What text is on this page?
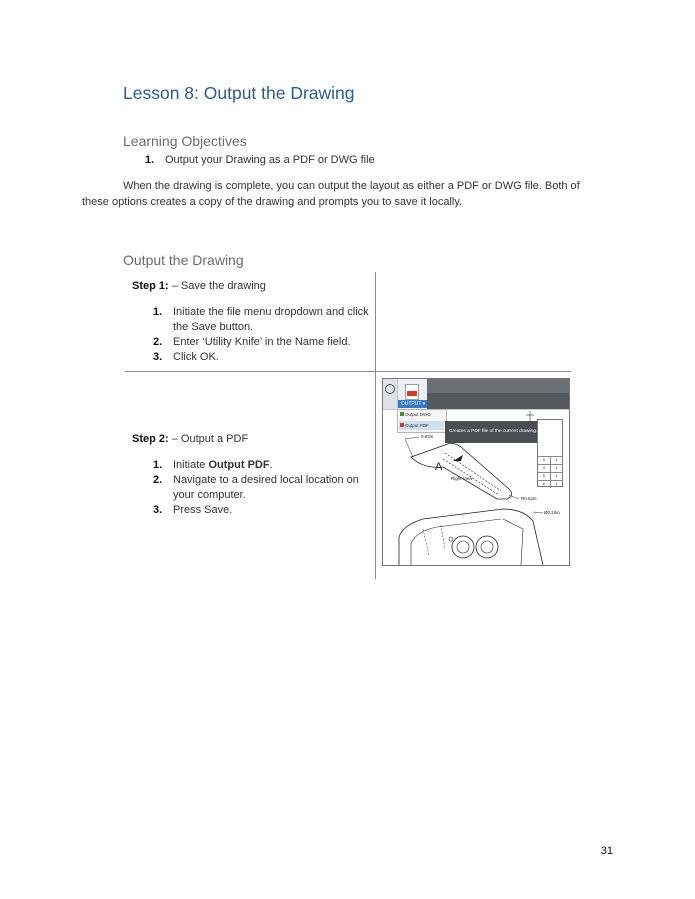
Lesson 8: Output the Drawing
Learning Objectives
1. Output your Drawing as a PDF or DWG file
When the drawing is complete, you can output the layout as either a PDF or DWG file. Both of
these options creates a copy of the drawing and prompts you to save it locally.
Output the Drawing
Step 1: – Save the drawing
1. Initiate the file menu dropdown and click the Save button.
2. Enter ‘Utility Knife’ in the Name field.
3. Click OK.
Step 2: – Output a PDF
1. Initiate Output PDF.
2. Navigate to a desired local location on your computer.
3. Press Save.
OUTPUT ▾
Output DWG
Output PDF
Creates a PDF file of the current drawing.
3	1
4	1
5	1
6	1
0.83in
A
Right View
R0.62in
Ø0.24in
31
